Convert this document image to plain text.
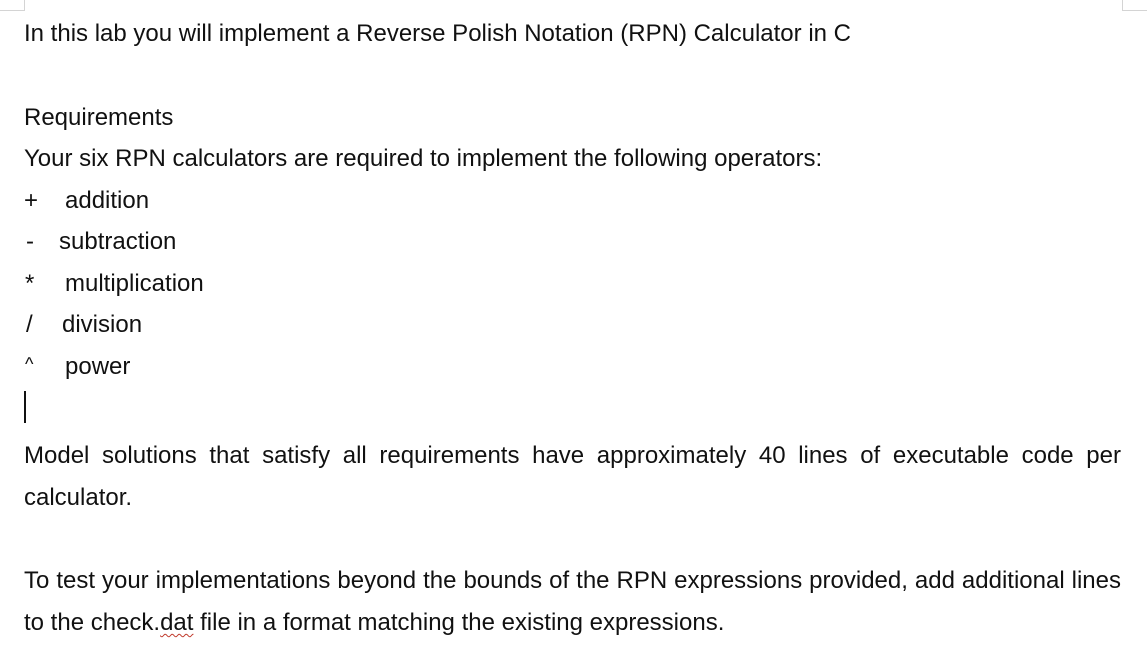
In this lab you will implement a Reverse Polish Notation (RPN) Calculator in C
Requirements
Your six RPN calculators are required to implement the following operators:
+ addition
- subtraction
* multiplication
/ division
^ power
Model solutions that satisfy all requirements have approximately 40 lines of executable code per calculator.
To test your implementations beyond the bounds of the RPN expressions provided, add additional lines to the check.dat file in a format matching the existing expressions.
